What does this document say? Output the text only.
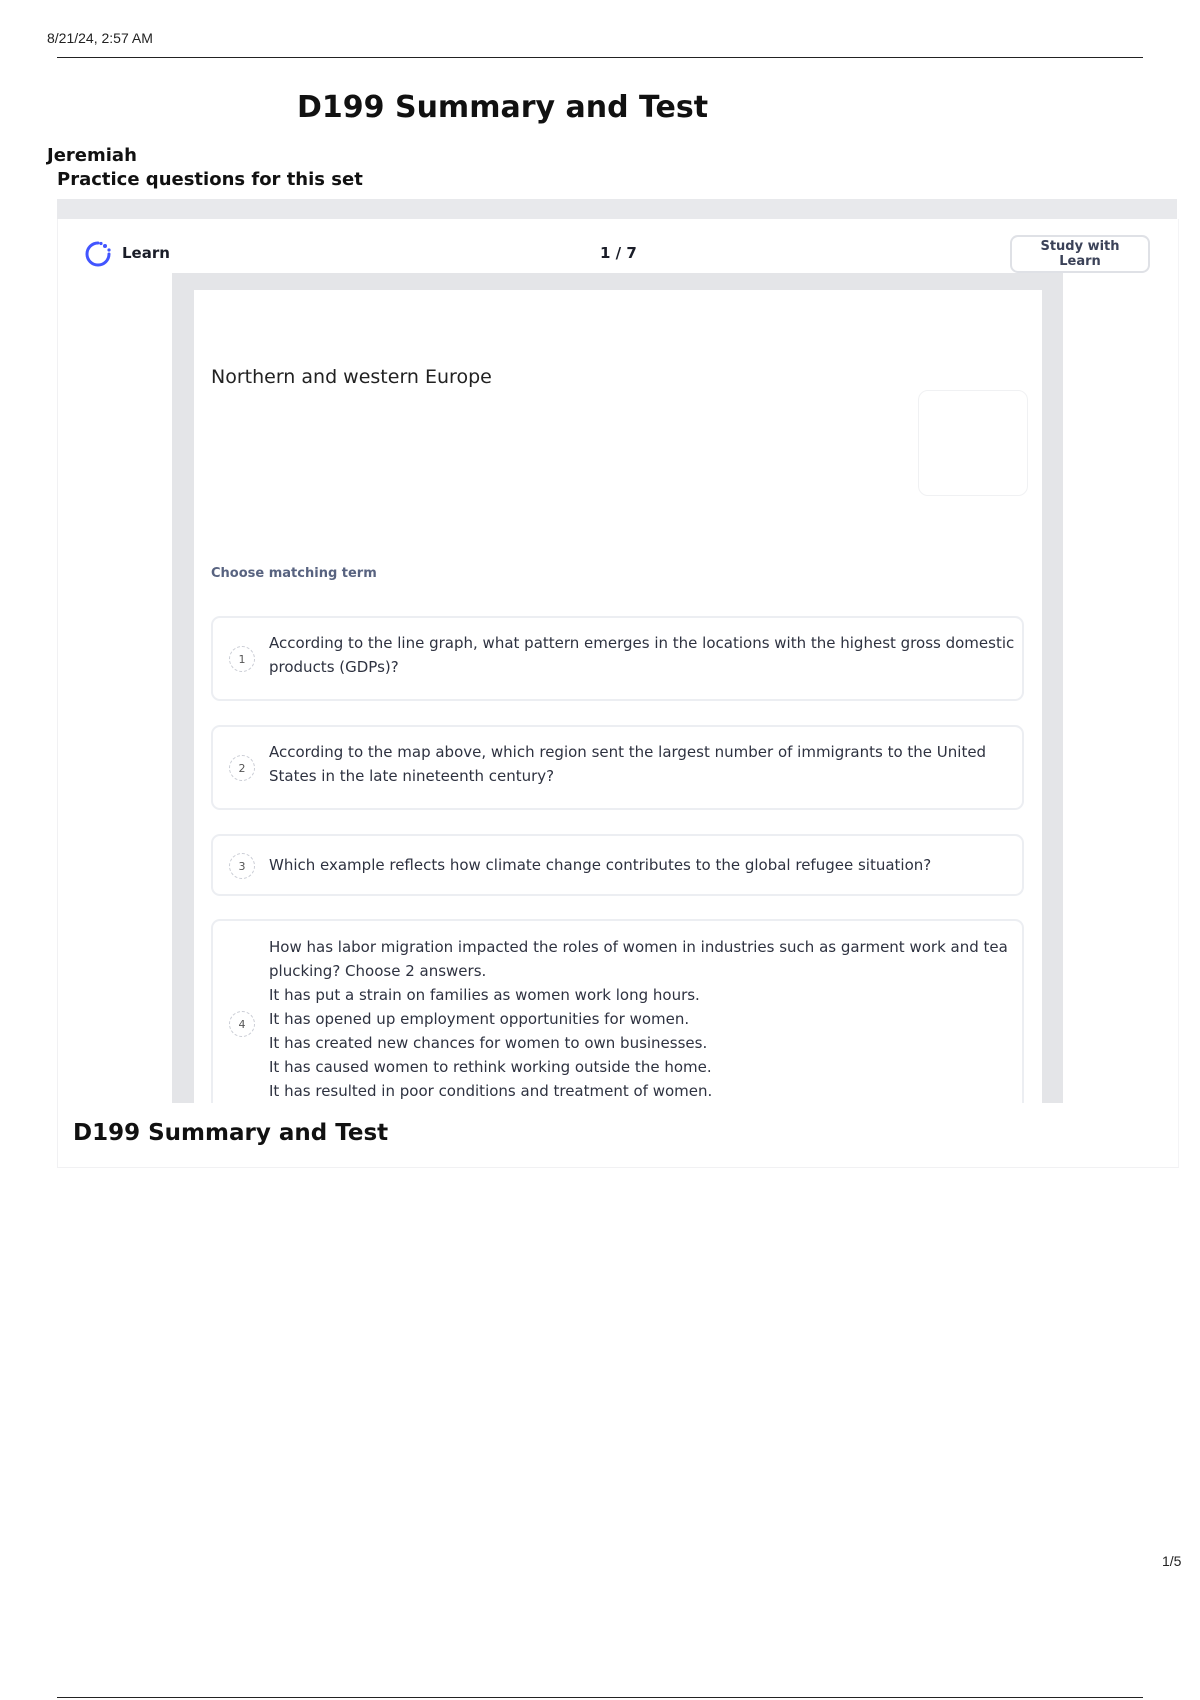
8/21/24, 2:57 AM
D199 Summary and Test
Jeremiah
Practice questions for this set
Learn	1 / 7	Study with Learn
Northern and western Europe
Choose matching term
1
According to the line graph, what pattern emerges in the locations with the highest gross domestic
products (GDPs)?
2
According to the map above, which region sent the largest number of immigrants to the United
States in the late nineteenth century?
3	Which example reflects how climate change contributes to the global refugee situation?
4
How has labor migration impacted the roles of women in industries such as garment work and tea
plucking? Choose 2 answers.
It has put a strain on families as women work long hours.
It has opened up employment opportunities for women.
It has created new chances for women to own businesses.
It has caused women to rethink working outside the home.
It has resulted in poor conditions and treatment of women.
D199 Summary and Test
1/5
